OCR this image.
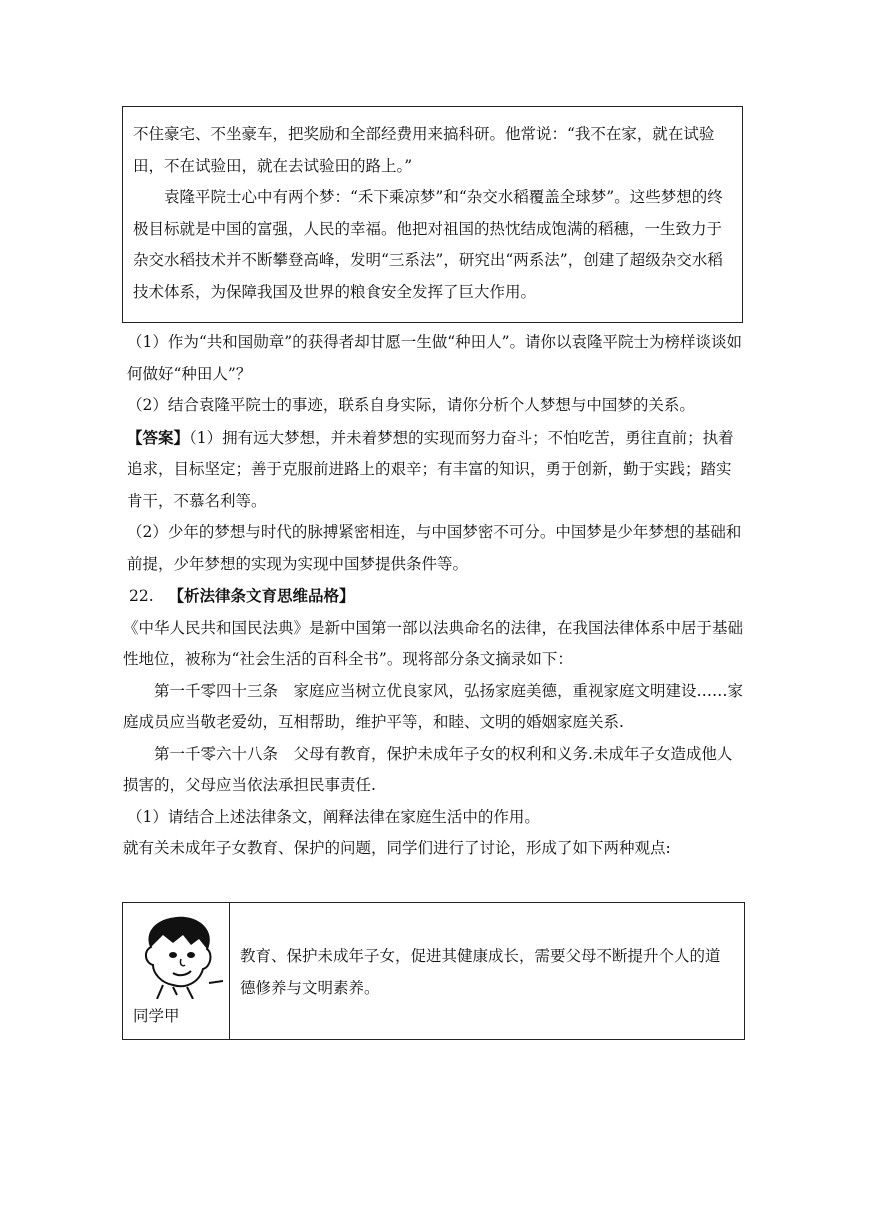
不住豪宅、不坐豪车，把奖励和全部经费用来搞科研。他常说：“我不在家，就在试验田，不在试验田，就在去试验田的路上。”

袁隆平院士心中有两个梦：“禾下乘凉梦”和“杂交水稻覆盖全球梦”。这些梦想的终极目标就是中国的富强，人民的幸福。他把对祖国的热忱结成饱满的稻穗，一生致力于杂交水稻技术并不断攀登高峰，发明“三系法”，研究出“两系法”，创建了超级杂交水稻技术体系，为保障我国及世界的粮食安全发挥了巨大作用。

（1）作为“共和国勋章”的获得者却甘愿一生做“种田人”。请你以袁隆平院士为榜样谈谈如何做好“种田人”？

（2）结合袁隆平院士的事迹，联系自身实际，请你分析个人梦想与中国梦的关系。

【答案】（1）拥有远大梦想，并未着梦想的实现而努力奋斗；不怕吃苦，勇往直前；执着追求，目标坚定；善于克服前进路上的艰辛；有丰富的知识，勇于创新，勤于实践；踏实肯干，不慕名利等。

（2）少年的梦想与时代的脉搏紧密相连，与中国梦密不可分。中国梦是少年梦想的基础和前提，少年梦想的实现为实现中国梦提供条件等。

22. 【析法律条文育思维品格】

《中华人民共和国民法典》是新中国第一部以法典命名的法律，在我国法律体系中居于基础性地位，被称为“社会生活的百科全书”。现将部分条文摘录如下：

第一千零四十三条　家庭应当树立优良家风，弘扬家庭美德，重视家庭文明建设……家庭成员应当敬老爱幼，互相帮助，维护平等，和睦、文明的婚姻家庭关系.

第一千零六十八条　父母有教育，保护未成年子女的权利和义务.未成年子女造成他人损害的，父母应当依法承担民事责任.

（1）请结合上述法律条文，阐释法律在家庭生活中的作用。

就有关未成年子女教育、保护的问题，同学们进行了讨论，形成了如下两种观点:

同学甲
教育、保护未成年子女，促进其健康成长，需要父母不断提升个人的道德修养与文明素养。
